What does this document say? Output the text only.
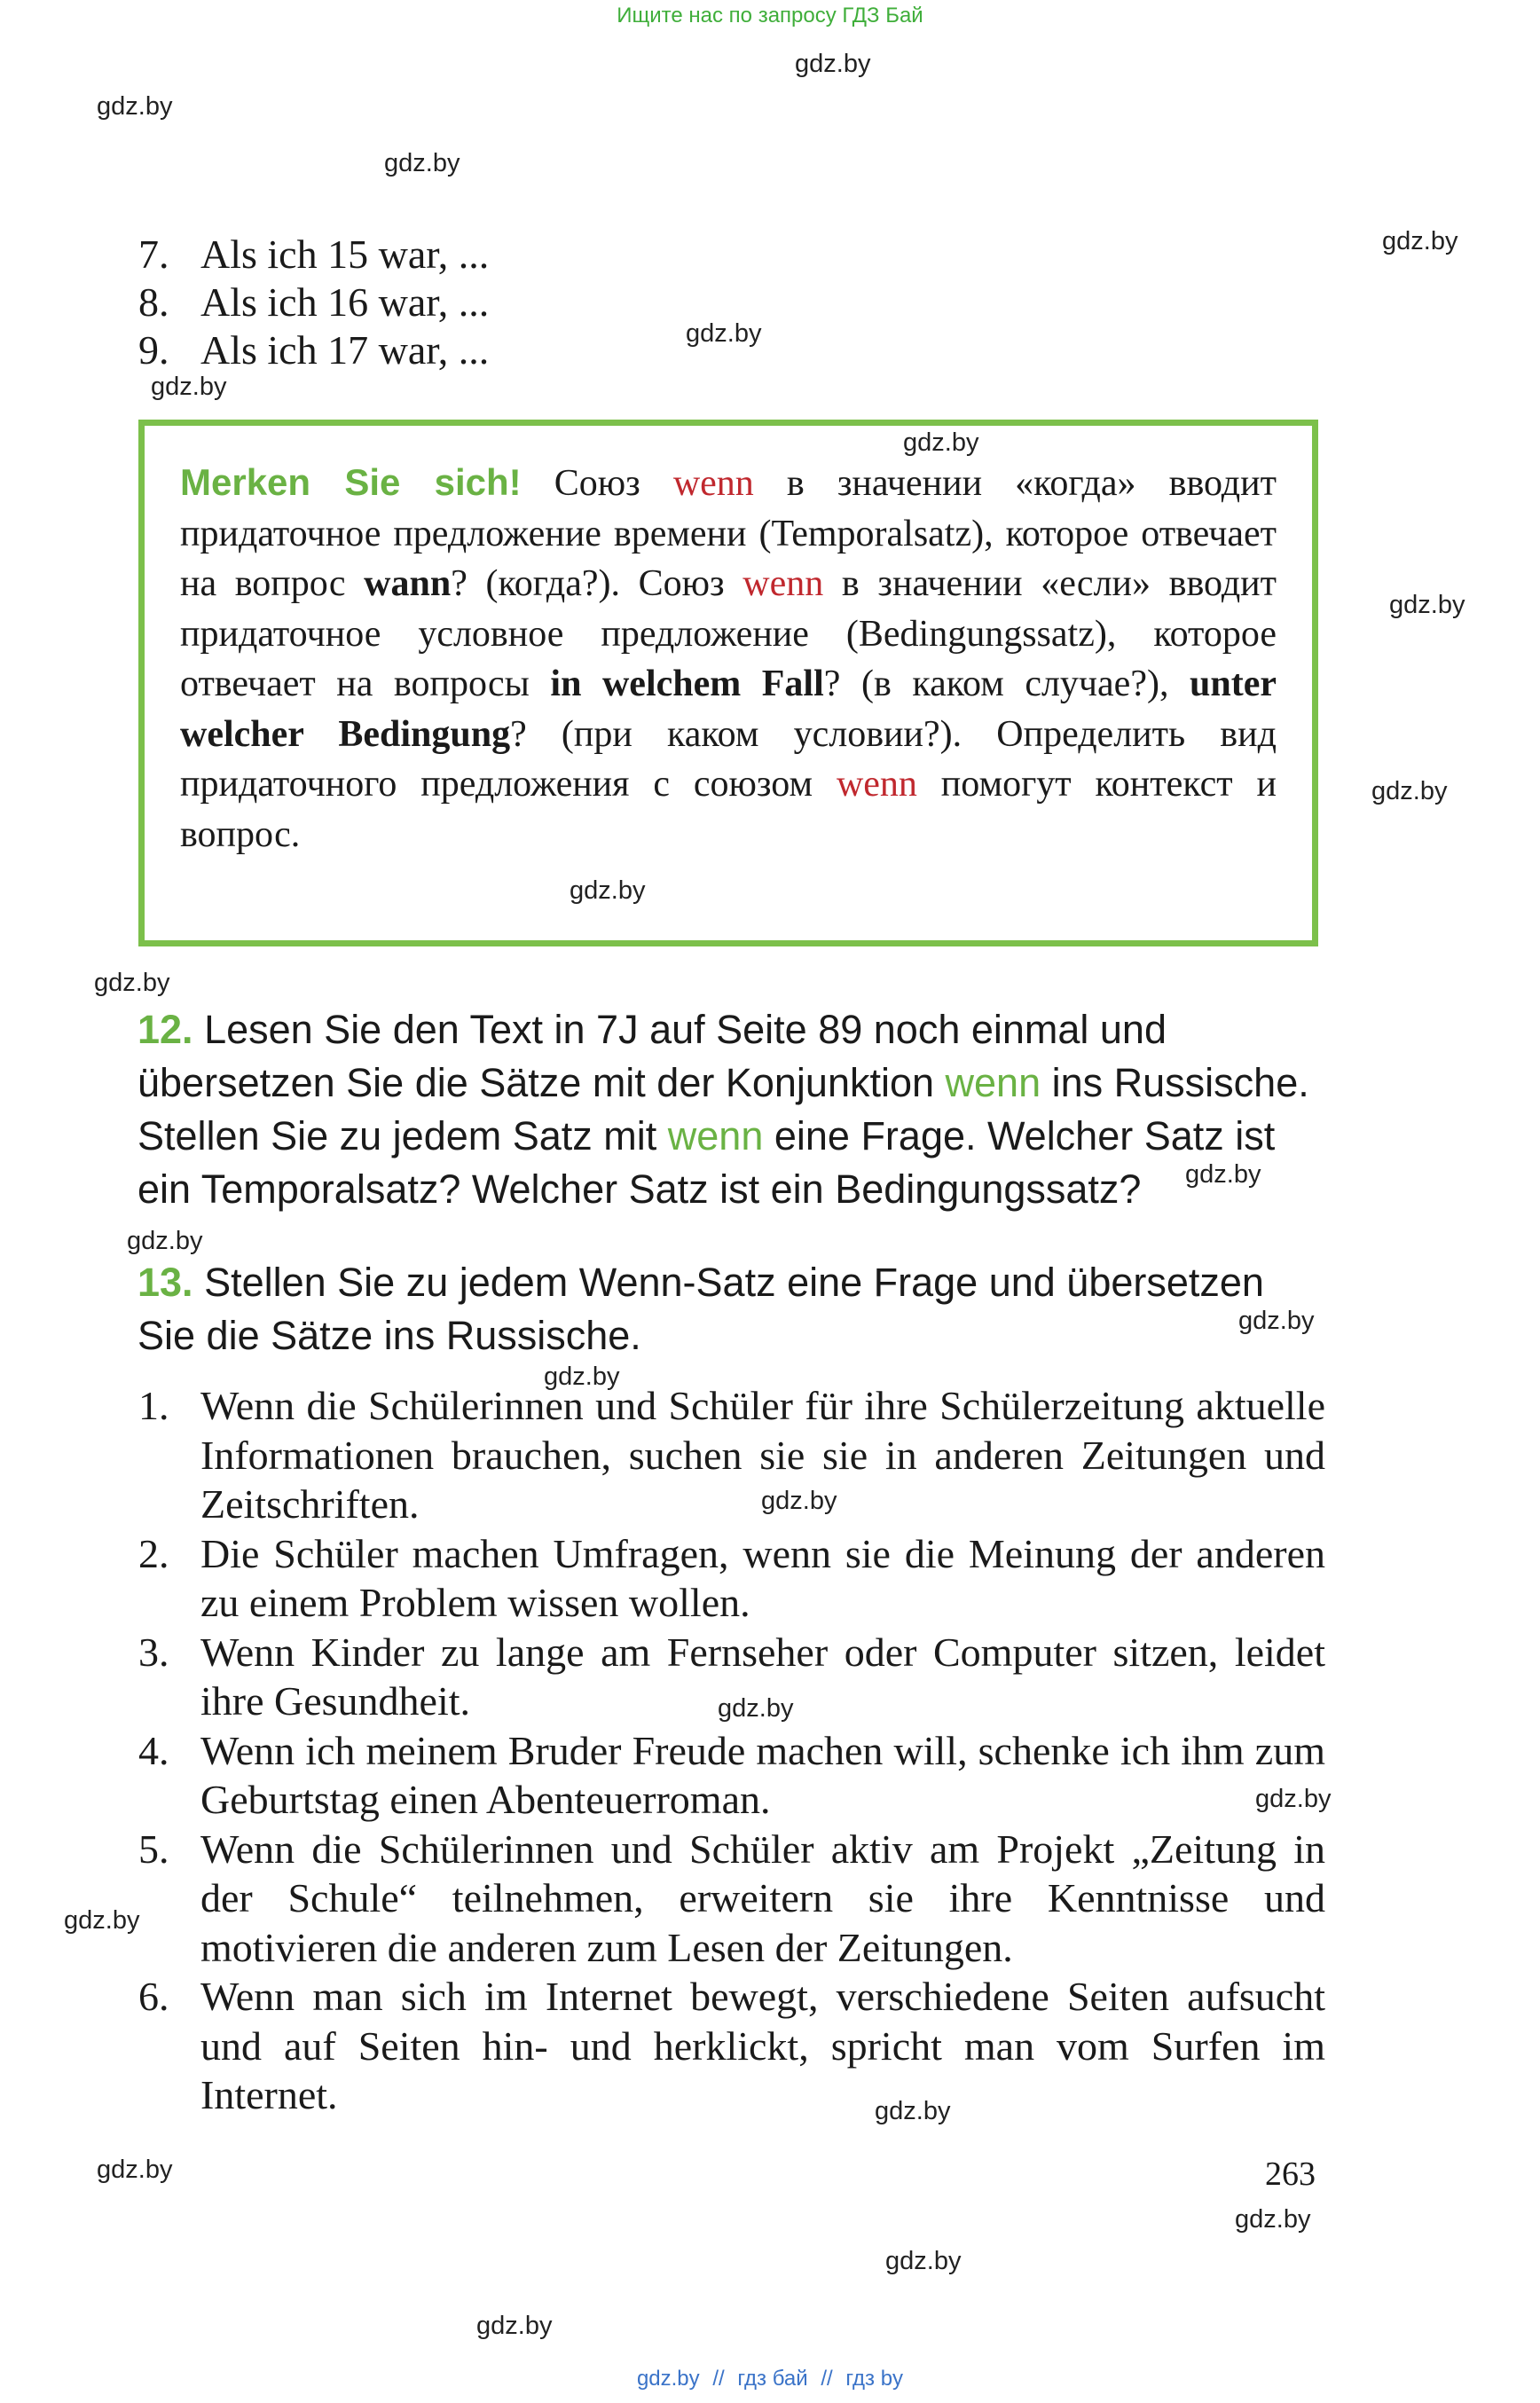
Ищите нас по запросу ГДЗ Бай
gdz.by
gdz.by
gdz.by
gdz.by
gdz.by
gdz.by
gdz.by
gdz.by
gdz.by
gdz.by
gdz.by
gdz.by
gdz.by
gdz.by
gdz.by
gdz.by
gdz.by
gdz.by
gdz.by
gdz.by
gdz.by
gdz.by
gdz.by
gdz.by
7. Als ich 15 war, ...
8. Als ich 16 war, ...
9. Als ich 17 war, ...

Merken Sie sich! Союз wenn в значении «когда» вводит придаточное предложение времени (Temporalsatz), которое отвечает на вопрос wann? (когда?). Союз wenn в значении «если» вводит придаточное условное предложение (Bedingungssatz), которое отвечает на вопросы in welchem Fall? (в каком случае?), unter welcher Bedingung? (при каком условии?). Определить вид придаточного предложения с союзом wenn помогут контекст и вопрос.

12. Lesen Sie den Text in 7J auf Seite 89 noch einmal und übersetzen Sie die Sätze mit der Konjunktion wenn ins Russische. Stellen Sie zu jedem Satz mit wenn eine Frage. Welcher Satz ist ein Temporalsatz? Welcher Satz ist ein Bedingungssatz?
13. Stellen Sie zu jedem Wenn-Satz eine Frage und übersetzen Sie die Sätze ins Russische.
1. Wenn die Schülerinnen und Schüler für ihre Schülerzeitung aktuelle Informationen brauchen, suchen sie sie in anderen Zeitungen und Zeitschriften.
2. Die Schüler machen Umfragen, wenn sie die Meinung der anderen zu einem Problem wissen wollen.
3. Wenn Kinder zu lange am Fernseher oder Computer sitzen, leidet ihre Gesundheit.
4. Wenn ich meinem Bruder Freude machen will, schenke ich ihm zum Geburtstag einen Abenteuerroman.
5. Wenn die Schülerinnen und Schüler aktiv am Projekt „Zeitung in der Schule“ teilnehmen, erweitern sie ihre Kenntnisse und motivieren die anderen zum Lesen der Zeitungen.
6. Wenn man sich im Internet bewegt, verschiedene Seiten aufsucht und auf Seiten hin- und herklickt, spricht man vom Surfen im Internet.
263
gdz.by // гдз бай // гдз by
